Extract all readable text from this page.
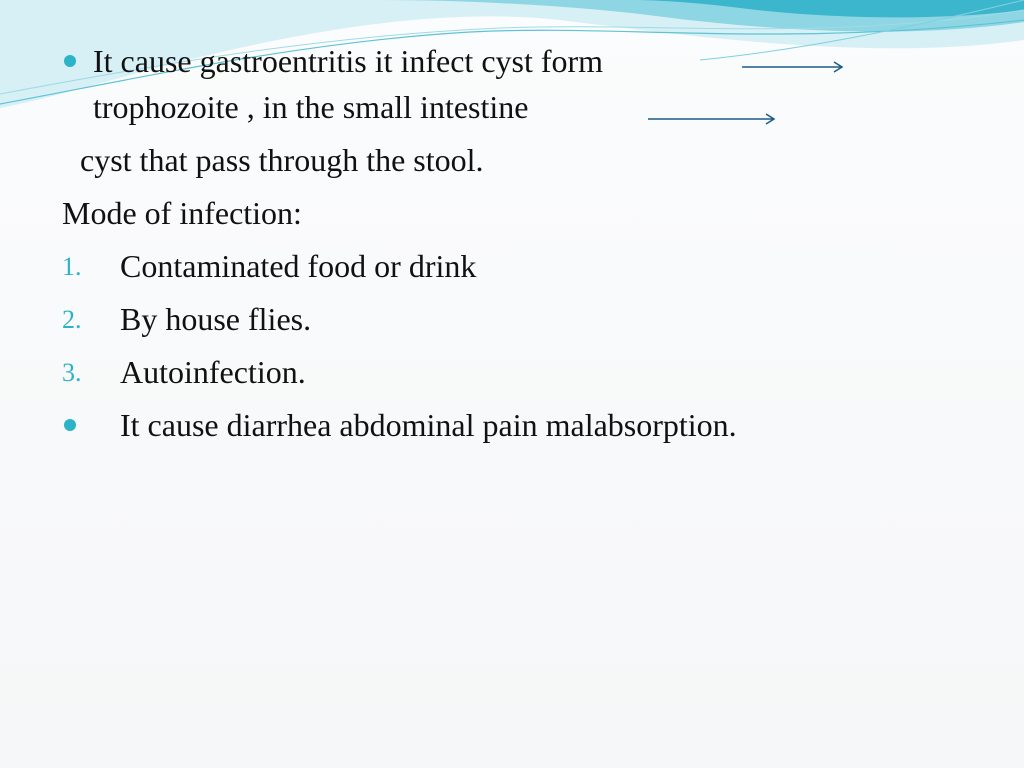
It cause gastroentritis it infect cyst form
trophozoite , in the small intestine
cyst that pass through the stool.
Mode of infection:
1. Contaminated food or drink
2. By house flies.
3. Autoinfection.
It cause diarrhea abdominal pain malabsorption.
